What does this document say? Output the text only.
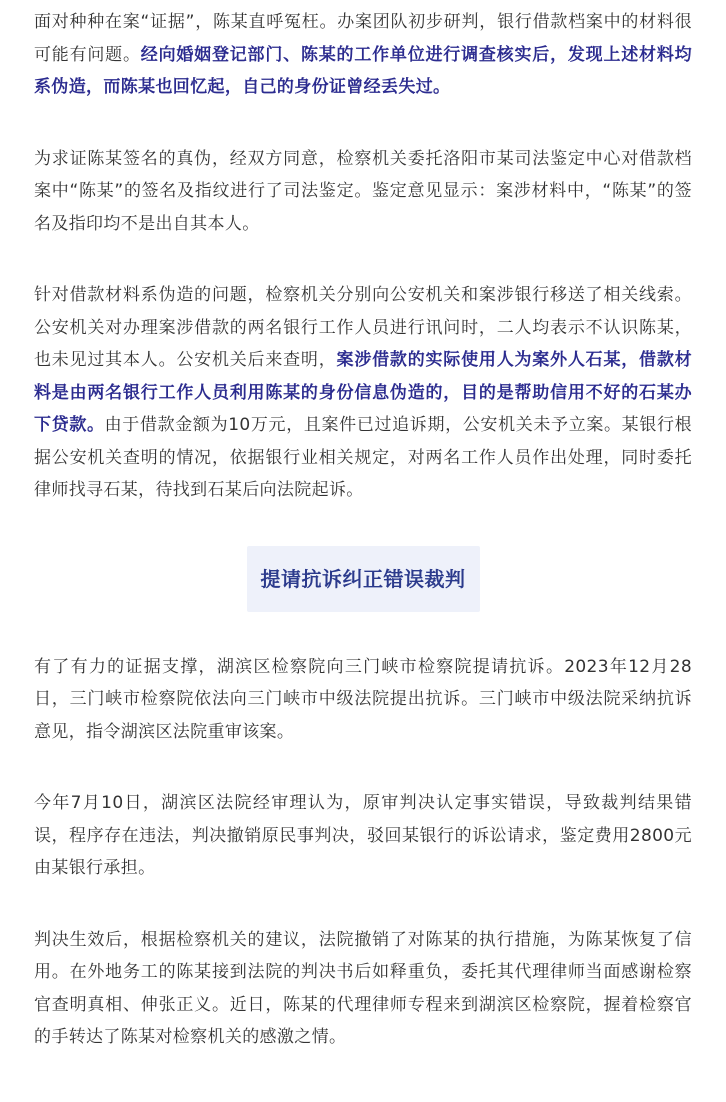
面对种种在案“证据”，陈某直呼冤枉。办案团队初步研判，银行借款档案中的材料很可能有问题。经向婚姻登记部门、陈某的工作单位进行调查核实后，发现上述材料均系伪造，而陈某也回忆起，自己的身份证曾经丢失过。

为求证陈某签名的真伪，经双方同意，检察机关委托洛阳市某司法鉴定中心对借款档案中“陈某”的签名及指纹进行了司法鉴定。鉴定意见显示：案涉材料中，“陈某”的签名及指印均不是出自其本人。

针对借款材料系伪造的问题，检察机关分别向公安机关和案涉银行移送了相关线索。公安机关对办理案涉借款的两名银行工作人员进行讯问时，二人均表示不认识陈某，也未见过其本人。公安机关后来查明，案涉借款的实际使用人为案外人石某，借款材料是由两名银行工作人员利用陈某的身份信息伪造的，目的是帮助信用不好的石某办下贷款。由于借款金额为10万元，且案件已过追诉期，公安机关未予立案。某银行根据公安机关查明的情况，依据银行业相关规定，对两名工作人员作出处理，同时委托律师找寻石某，待找到石某后向法院起诉。

提请抗诉纠正错误裁判

有了有力的证据支撑，湖滨区检察院向三门峡市检察院提请抗诉。2023年12月28日，三门峡市检察院依法向三门峡市中级法院提出抗诉。三门峡市中级法院采纳抗诉意见，指令湖滨区法院重审该案。

今年7月10日，湖滨区法院经审理认为，原审判决认定事实错误，导致裁判结果错误，程序存在违法，判决撤销原民事判决，驳回某银行的诉讼请求，鉴定费用2800元由某银行承担。

判决生效后，根据检察机关的建议，法院撤销了对陈某的执行措施，为陈某恢复了信用。在外地务工的陈某接到法院的判决书后如释重负，委托其代理律师当面感谢检察官查明真相、伸张正义。近日，陈某的代理律师专程来到湖滨区检察院，握着检察官的手转达了陈某对检察机关的感激之情。
